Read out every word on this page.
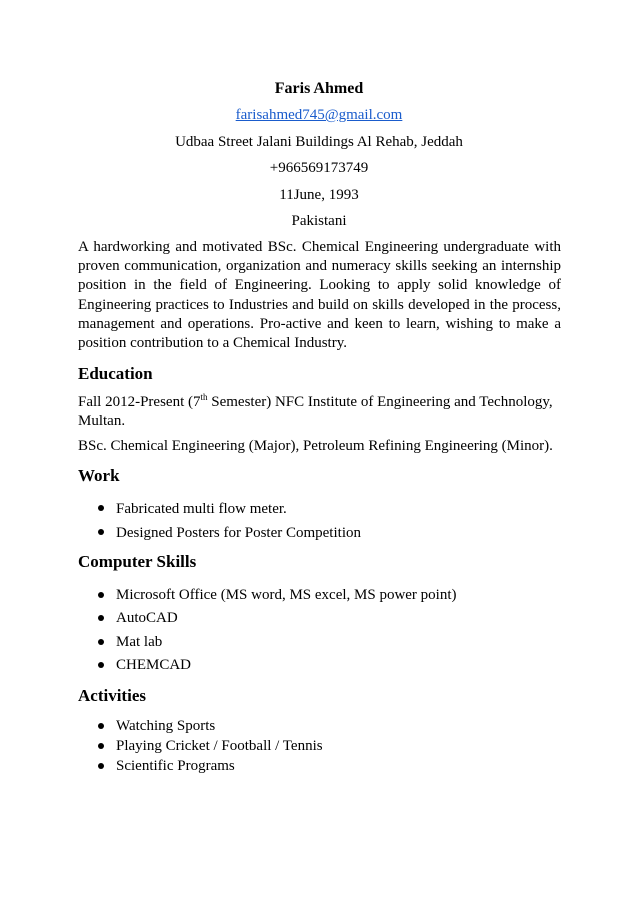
Faris Ahmed
farisahmed745@gmail.com
Udbaa Street Jalani Buildings Al Rehab, Jeddah
+966569173749
11June, 1993
Pakistani
A hardworking and motivated BSc. Chemical Engineering undergraduate with proven communication, organization and numeracy skills seeking an internship position in the field of Engineering. Looking to apply solid knowledge of Engineering practices to Industries and build on skills developed in the process, management and operations. Pro-active and keen to learn, wishing to make a position contribution to a Chemical Industry.
Education
Fall 2012-Present (7th Semester) NFC Institute of Engineering and Technology, Multan.
BSc. Chemical Engineering (Major), Petroleum Refining Engineering (Minor).
Work
Fabricated multi flow meter.
Designed Posters for Poster Competition
Computer Skills
Microsoft Office (MS word, MS excel, MS power point)
AutoCAD
Mat lab
CHEMCAD
Activities
Watching Sports
Playing Cricket / Football / Tennis
Scientific Programs
